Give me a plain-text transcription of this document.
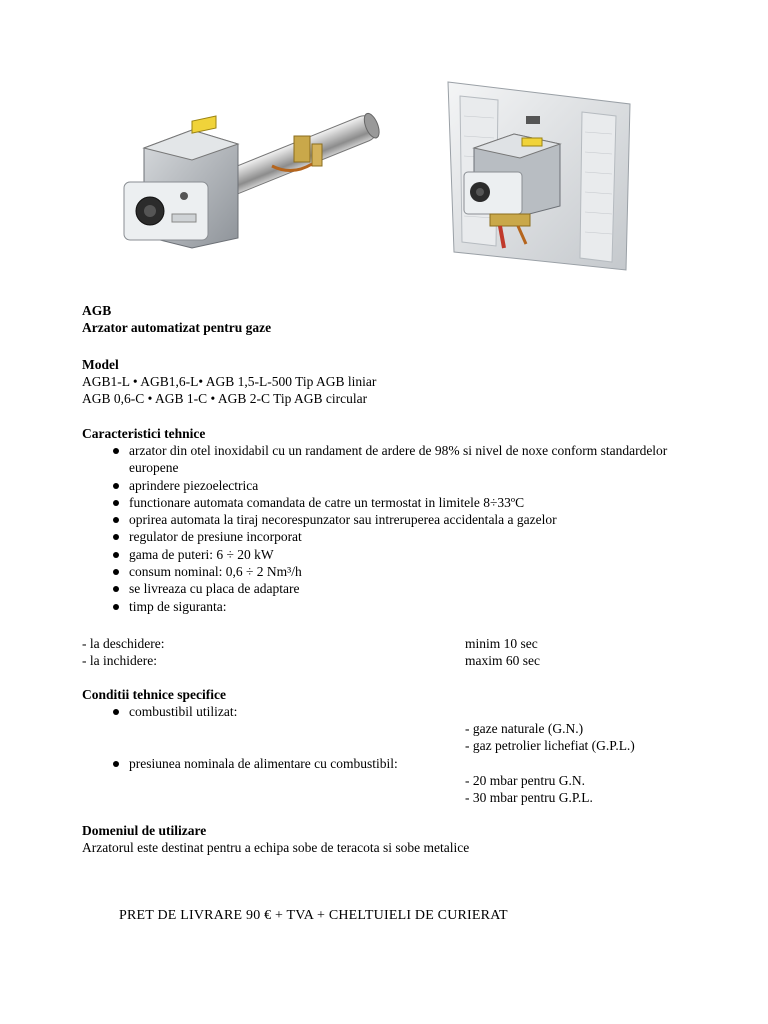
AGB
Arzator automatizat pentru gaze
Model
AGB1-L • AGB1,6-L• AGB 1,5-L-500 Tip AGB liniar
AGB 0,6-C • AGB 1-C • AGB 2-C Tip AGB circular
Caracteristici tehnice
arzator din otel inoxidabil cu un randament de ardere de 98% si nivel de noxe conform standardelor europene
aprindere piezoelectrica
functionare automata comandata de catre un termostat in limitele 8÷33ºC
oprirea automata la tiraj necorespunzator sau intreruperea accidentala a gazelor
regulator de presiune incorporat
gama de puteri: 6 ÷ 20 kW
consum nominal: 0,6 ÷ 2 Nm³/h
se livreaza cu placa de adaptare
timp de siguranta:
- la deschidere:	minim 10 sec
- la inchidere:	maxim 60 sec
Conditii tehnice specifice
combustibil utilizat:
- gaze naturale (G.N.)
- gaz petrolier lichefiat (G.P.L.)
presiunea nominala de alimentare cu combustibil:
- 20 mbar pentru G.N.
- 30 mbar pentru G.P.L.
Domeniul de utilizare
Arzatorul este destinat pentru a echipa sobe de teracota si sobe metalice
PRET DE LIVRARE 90 € + TVA + CHELTUIELI DE CURIERAT
